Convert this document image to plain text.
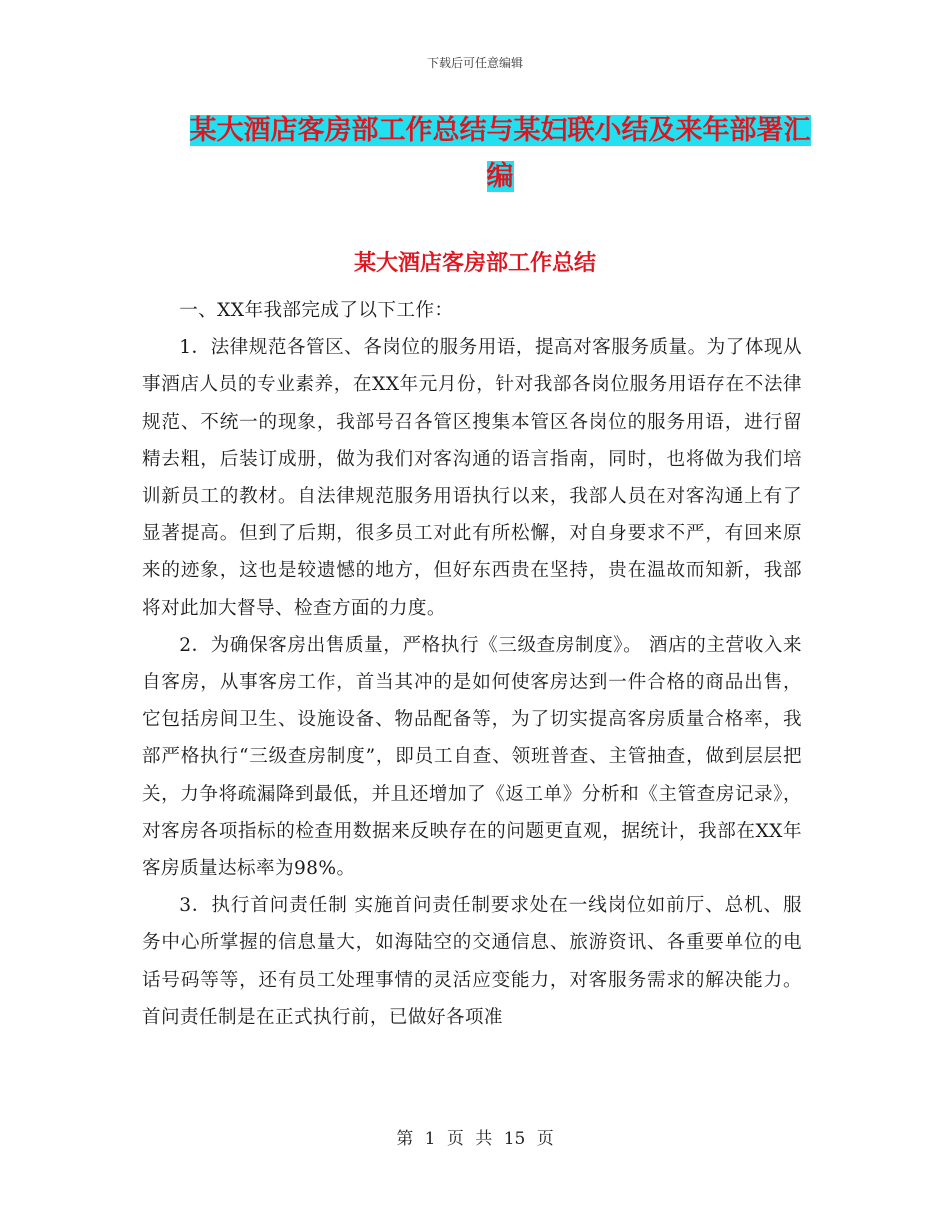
下载后可任意编辑
某大酒店客房部工作总结与某妇联小结及来年部署汇编
某大酒店客房部工作总结

一、XX年我部完成了以下工作：

1．法律规范各管区、各岗位的服务用语，提高对客服务质量。为了体现从事酒店人员的专业素养，在XX年元月份，针对我部各岗位服务用语存在不法律规范、不统一的现象，我部号召各管区搜集本管区各岗位的服务用语，进行留精去粗，后装订成册，做为我们对客沟通的语言指南，同时，也将做为我们培训新员工的教材。自法律规范服务用语执行以来，我部人员在对客沟通上有了显著提高。但到了后期，很多员工对此有所松懈，对自身要求不严，有回来原来的迹象，这也是较遗憾的地方，但好东西贵在坚持，贵在温故而知新，我部将对此加大督导、检查方面的力度。

2．为确保客房出售质量，严格执行《三级查房制度》。 酒店的主营收入来自客房，从事客房工作，首当其冲的是如何使客房达到一件合格的商品出售，它包括房间卫生、设施设备、物品配备等，为了切实提高客房质量合格率，我部严格执行“三级查房制度”，即员工自查、领班普查、主管抽查，做到层层把关，力争将疏漏降到最低，并且还增加了《返工单》分析和《主管查房记录》，对客房各项指标的检查用数据来反映存在的问题更直观，据统计，我部在XX年客房质量达标率为98%。

3．执行首问责任制 实施首问责任制要求处在一线岗位如前厅、总机、服务中心所掌握的信息量大，如海陆空的交通信息、旅游资讯、各重要单位的电话号码等等，还有员工处理事情的灵活应变能力，对客服务需求的解决能力。首问责任制是在正式执行前，已做好各项准

第 1 页 共 15 页
